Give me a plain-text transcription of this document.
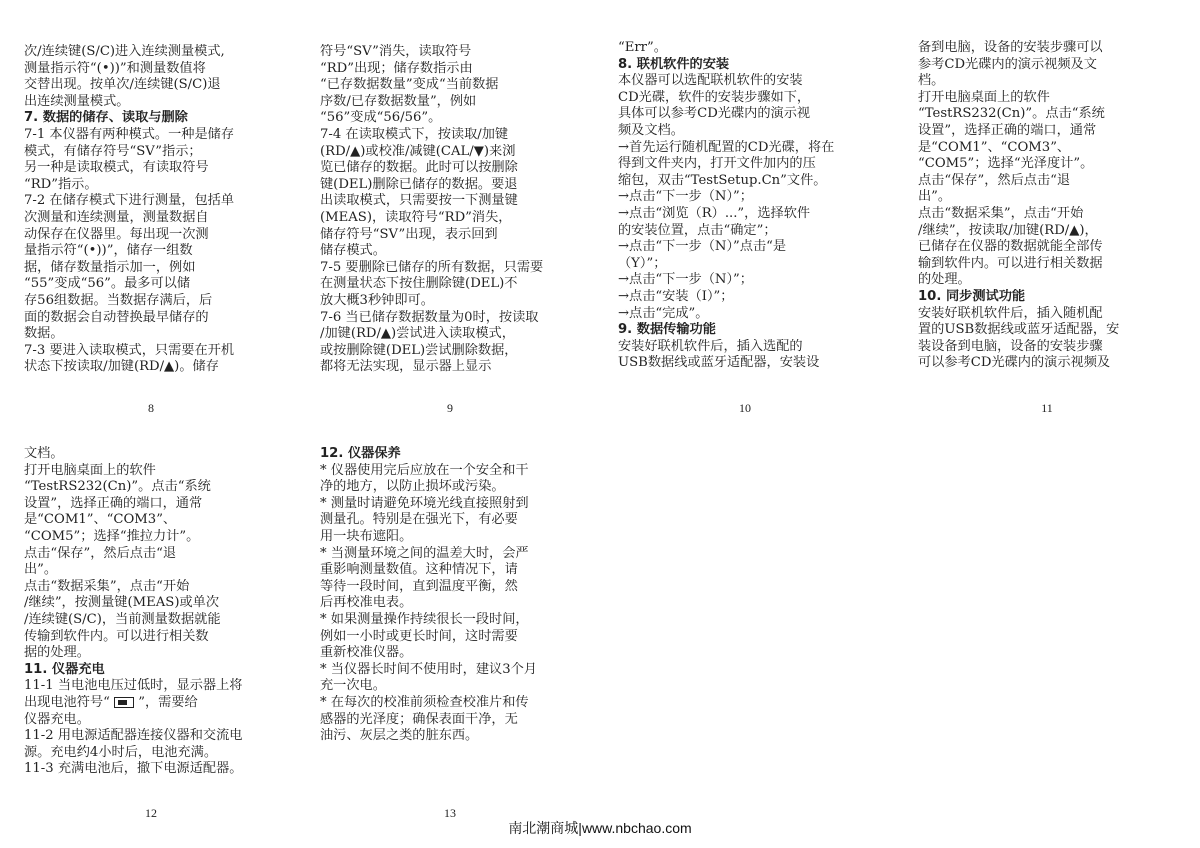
次/连续键(S/C)进入连续测量模式,
测量指示符“(•))”和测量数值将
交替出现。按单次/连续键(S/C)退
出连续测量模式。
7. 数据的储存、读取与删除
7-1 本仪器有两种模式。一种是储存
模式，有储存符号“SV”指示；
另一种是读取模式，有读取符号
“RD”指示。
7-2 在储存模式下进行测量，包括单
次测量和连续测量，测量数据自
动保存在仪器里。每出现一次测
量指示符“(•))”，储存一组数
据，储存数量指示加一，例如
“55”变成“56”。最多可以储
存56组数据。当数据存满后，后
面的数据会自动替换最早储存的
数据。
7-3 要进入读取模式，只需要在开机
状态下按读取/加键(RD/▲)。储存
符号“SV”消失，读取符号
“RD”出现；储存数指示由
“已存数据数量”变成“当前数据
序数/已存数据数量”，例如
“56”变成“56/56”。
7-4 在读取模式下，按读取/加键
(RD/▲)或校准/减键(CAL/▼)来浏
览已储存的数据。此时可以按删除
键(DEL)删除已储存的数据。要退
出读取模式，只需要按一下测量键
(MEAS)，读取符号“RD”消失，
储存符号“SV”出现，表示回到
储存模式。
7-5 要删除已储存的所有数据，只需要
在测量状态下按住删除键(DEL)不
放大概3秒钟即可。
7-6 当已储存数据数量为0时，按读取
/加键(RD/▲)尝试进入读取模式，
或按删除键(DEL)尝试删除数据，
都将无法实现，显示器上显示
“Err”。
8. 联机软件的安装
本仪器可以选配联机软件的安装
CD光碟，软件的安装步骤如下，
具体可以参考CD光碟内的演示视
频及文档。
→首先运行随机配置的CD光碟，将在
得到文件夹内，打开文件加内的压
缩包，双击“TestSetup.Cn”文件。
→点击“下一步（N）”；
→点击“浏览（R）...”，选择软件
的安装位置，点击“确定”；
→点击“下一步（N）”点击“是
（Y）”；
→点击“下一步（N）”；
→点击“安装（I）”；
→点击“完成”。
9. 数据传输功能
安装好联机软件后，插入选配的
USB数据线或蓝牙适配器，安装设
备到电脑，设备的安装步骤可以
参考CD光碟内的演示视频及文
档。
打开电脑桌面上的软件
“TestRS232(Cn)”。点击“系统
设置”，选择正确的端口，通常
是“COM1”、“COM3”、
“COM5”；选择“光泽度计”。
点击“保存”，然后点击“退
出”。
点击“数据采集”，点击“开始
/继续”，按读取/加键(RD/▲)，
已储存在仪器的数据就能全部传
输到软件内。可以进行相关数据
的处理。
10. 同步测试功能
安装好联机软件后，插入随机配
置的USB数据线或蓝牙适配器，安
装设备到电脑，设备的安装步骤
可以参考CD光碟内的演示视频及
文档。
打开电脑桌面上的软件
“TestRS232(Cn)”。点击“系统
设置”，选择正确的端口，通常
是“COM1”、“COM3”、
“COM5”；选择“推拉力计”。
点击“保存”，然后点击“退
出”。
点击“数据采集”，点击“开始
/继续”，按测量键(MEAS)或单次
/连续键(S/C)，当前测量数据就能
传输到软件内。可以进行相关数
据的处理。
11. 仪器充电
11-1 当电池电压过低时，显示器上将
出现电池符号“  ”，需要给
仪器充电。
11-2 用电源适配器连接仪器和交流电
源。充电约4小时后，电池充满。
11-3 充满电池后，撤下电源适配器。
12. 仪器保养
* 仪器使用完后应放在一个安全和干
净的地方，以防止损坏或污染。
* 测量时请避免环境光线直接照射到
测量孔。特别是在强光下，有必要
用一块布遮阳。
* 当测量环境之间的温差大时，会严
重影响测量数值。这种情况下，请
等待一段时间，直到温度平衡，然
后再校准电表。
* 如果测量操作持续很长一段时间，
例如一小时或更长时间，这时需要
重新校准仪器。
* 当仪器长时间不使用时，建议3个月
充一次电。
* 在每次的校准前须检查校准片和传
感器的光泽度；确保表面干净，无
油污、灰层之类的脏东西。
8	9	10	11
12	13
南北潮商城|www.nbchao.com
